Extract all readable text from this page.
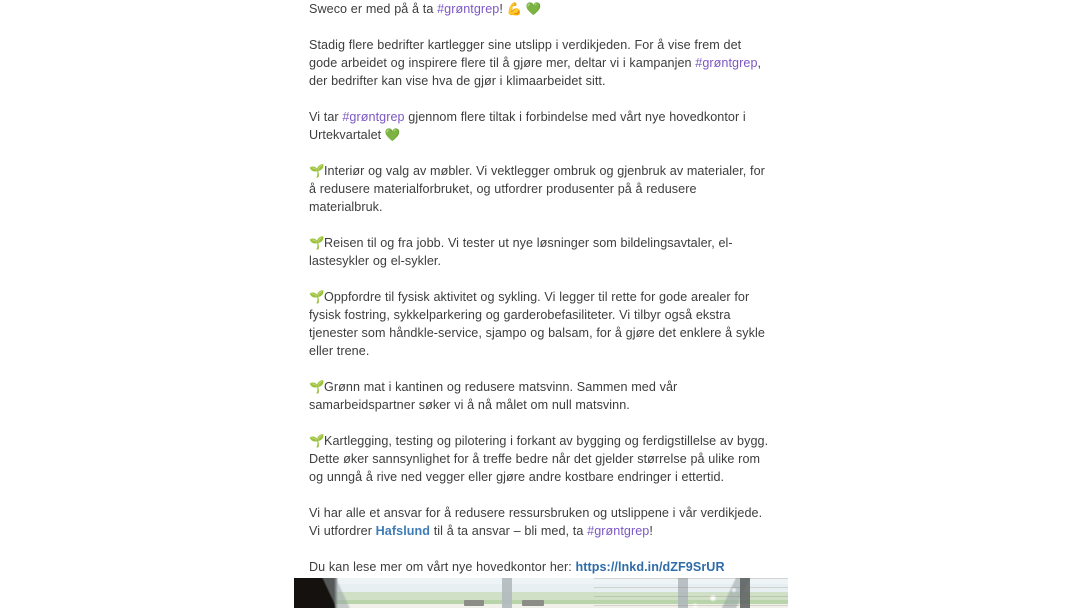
Sweco er med på å ta #grøntgrep! 💪 💚

Stadig flere bedrifter kartlegger sine utslipp i verdikjeden. For å vise frem det gode arbeidet og inspirere flere til å gjøre mer, deltar vi i kampanjen #grøntgrep, der bedrifter kan vise hva de gjør i klimaarbeidet sitt.

Vi tar #grøntgrep gjennom flere tiltak i forbindelse med vårt nye hovedkontor i Urtekvartalet 💚

🌱Interiør og valg av møbler. Vi vektlegger ombruk og gjenbruk av materialer, for å redusere materialforbruket, og utfordrer produsenter på å redusere materialbruk.

🌱Reisen til og fra jobb. Vi tester ut nye løsninger som bildelingsavtaler, el-lastesykler og el-sykler.

🌱Oppfordre til fysisk aktivitet og sykling. Vi legger til rette for gode arealer for fysisk fostring, sykkelparkering og garderobefasiliteter. Vi tilbyr også ekstra tjenester som håndkle-service, sjampo og balsam, for å gjøre det enklere å sykle eller trene.

🌱Grønn mat i kantinen og redusere matsvinn. Sammen med vår samarbeidspartner søker vi å nå målet om null matsvinn.

🌱Kartlegging, testing og pilotering i forkant av bygging og ferdigstillelse av bygg. Dette øker sannsynlighet for å treffe bedre når det gjelder størrelse på ulike rom og unngå å rive ned vegger eller gjøre andre kostbare endringer i ettertid.

Vi har alle et ansvar for å redusere ressursbruken og utslippene i vår verdikjede. Vi utfordrer Hafslund til å ta ansvar – bli med, ta #grøntgrep!

Du kan lese mer om vårt nye hovedkontor her: https://lnkd.in/dZF9SrUR
